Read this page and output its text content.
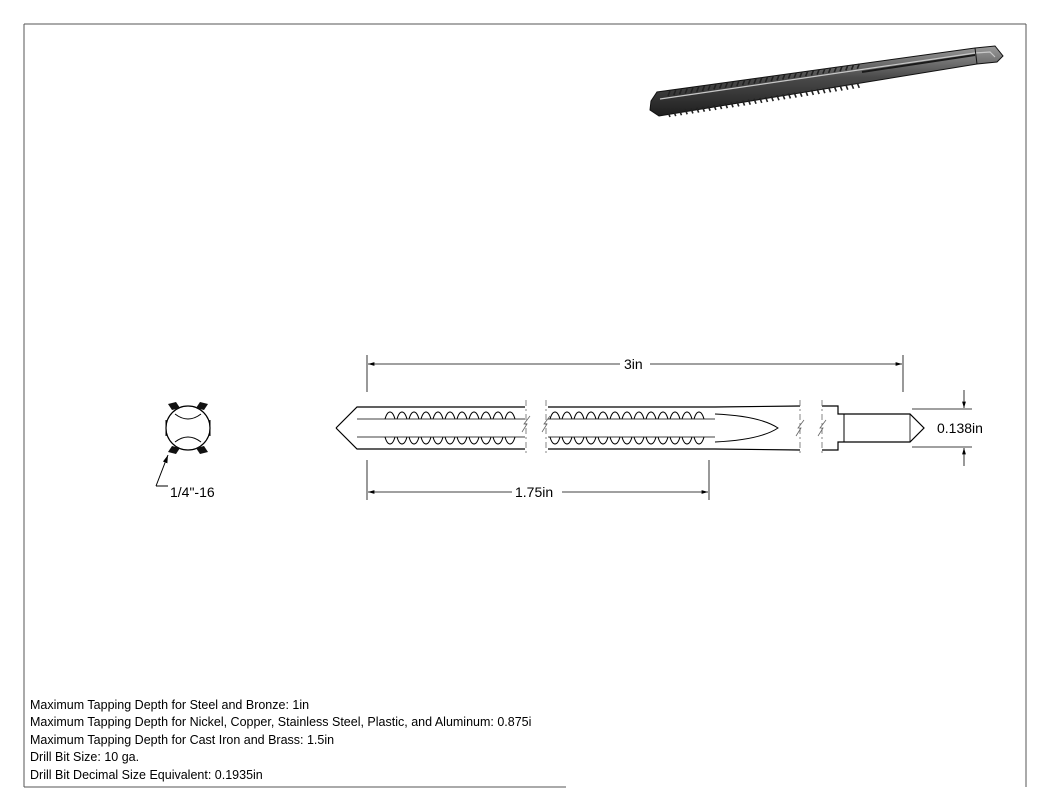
1/4"-16
3in
1.75in
0.138in
Maximum Tapping Depth for Steel and Bronze: 1in
Maximum Tapping Depth for Nickel, Copper, Stainless Steel, Plastic, and Aluminum: 0.875i
Maximum Tapping Depth for Cast Iron and Brass: 1.5in
Drill Bit Size: 10 ga.
Drill Bit Decimal Size Equivalent: 0.1935in
